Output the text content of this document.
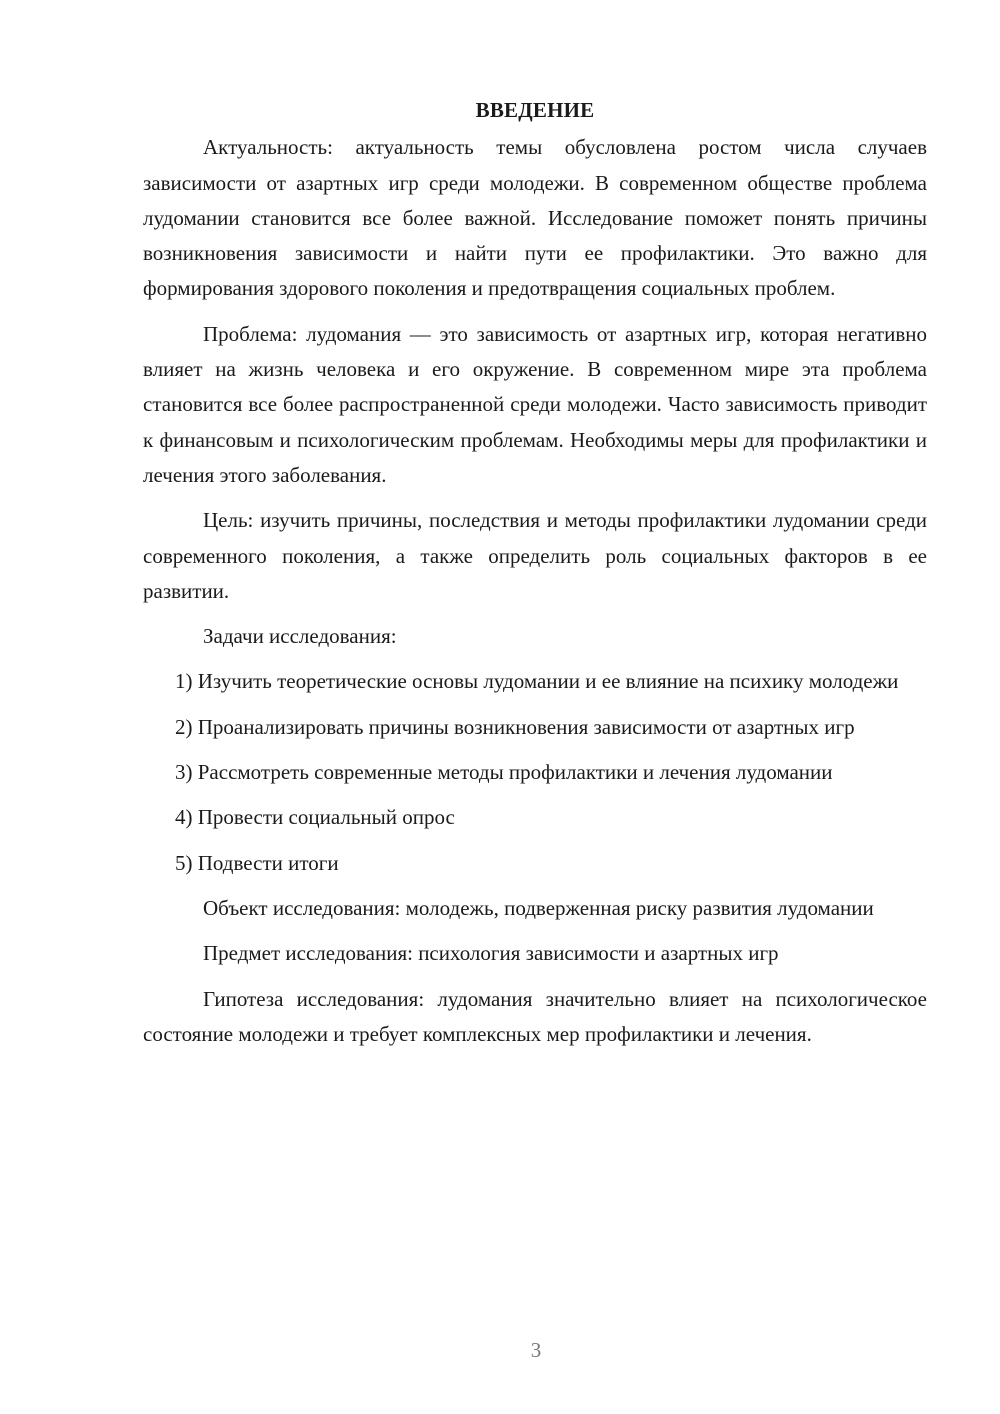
ВВЕДЕНИЕ

Актуальность: актуальность темы обусловлена ростом числа случаев зависимости от азартных игр среди молодежи. В современном обществе проблема лудомании становится все более важной. Исследование поможет понять причины возникновения зависимости и найти пути ее профилактики. Это важно для формирования здорового поколения и предотвращения социальных проблем.

Проблема: лудомания — это зависимость от азартных игр, которая негативно влияет на жизнь человека и его окружение. В современном мире эта проблема становится все более распространенной среди молодежи. Часто зависимость приводит к финансовым и психологическим проблемам. Необходимы меры для профилактики и лечения этого заболевания.

Цель: изучить причины, последствия и методы профилактики лудомании среди современного поколения, а также определить роль социальных факторов в ее развитии.

Задачи исследования:

1) Изучить теоретические основы лудомании и ее влияние на психику молодежи

2) Проанализировать причины возникновения зависимости от азартных игр

3) Рассмотреть современные методы профилактики и лечения лудомании

4) Провести социальный опрос

5) Подвести итоги

Объект исследования: молодежь, подверженная риску развития лудомании

Предмет исследования: психология зависимости и азартных игр

Гипотеза исследования: лудомания значительно влияет на психологическое состояние молодежи и требует комплексных мер профилактики и лечения.

3
